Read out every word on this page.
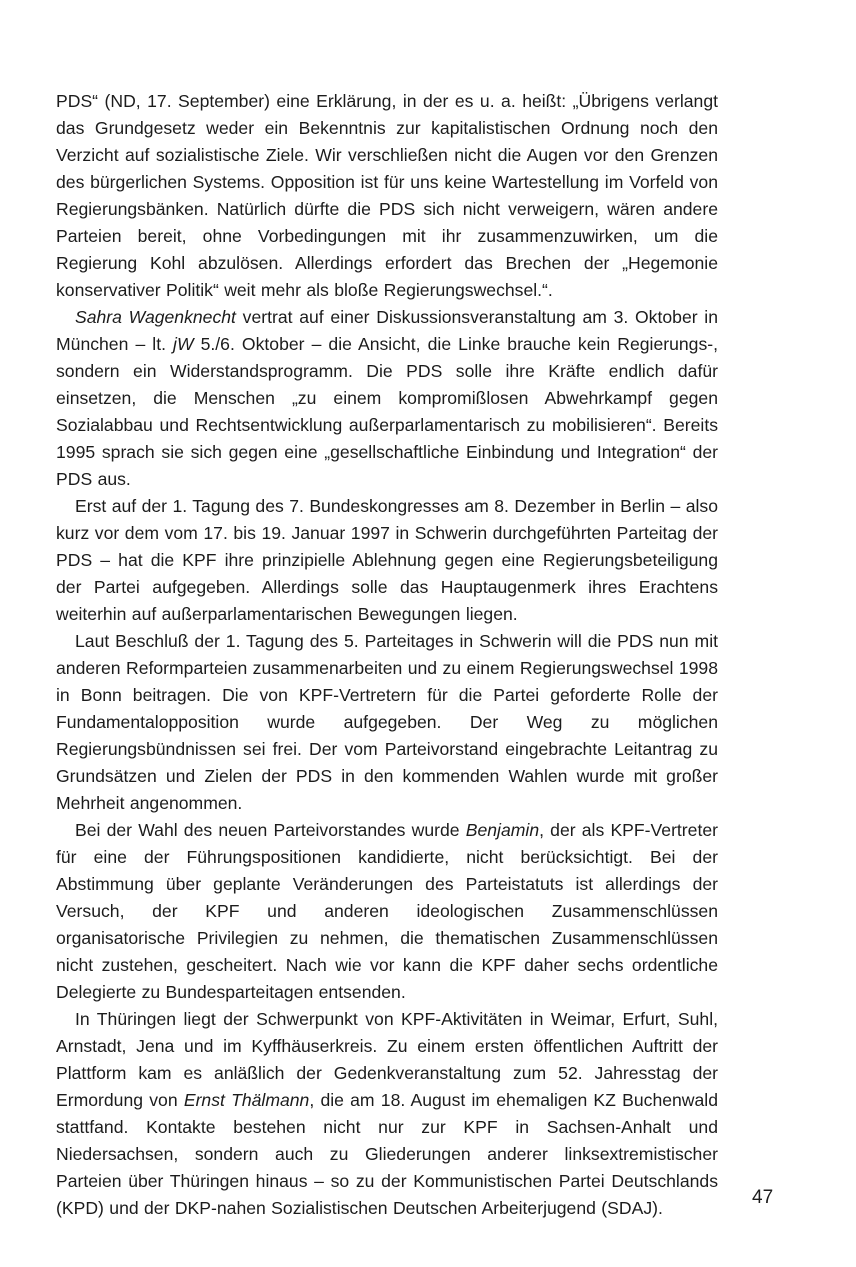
PDS“ (ND, 17. September) eine Erklärung, in der es u. a. heißt: „Übrigens verlangt das Grundgesetz weder ein Bekenntnis zur kapitalistischen Ordnung noch den Verzicht auf sozialistische Ziele. Wir verschließen nicht die Augen vor den Grenzen des bürgerlichen Systems. Opposition ist für uns keine Wartestellung im Vorfeld von Regierungsbänken. Natürlich dürfte die PDS sich nicht verweigern, wären andere Parteien bereit, ohne Vorbedingungen mit ihr zusammenzuwirken, um die Regierung Kohl abzulösen. Allerdings erfordert das Brechen der „Hegemonie konservativer Politik“ weit mehr als bloße Regierungswechsel.“.

Sahra Wagenknecht vertrat auf einer Diskussionsveranstaltung am 3. Oktober in München – lt. jW 5./6. Oktober – die Ansicht, die Linke brauche kein Regierungs-, sondern ein Widerstandsprogramm. Die PDS solle ihre Kräfte endlich dafür einsetzen, die Menschen „zu einem kompromißlosen Abwehrkampf gegen Sozialabbau und Rechtsentwicklung außerparlamentarisch zu mobilisieren“. Bereits 1995 sprach sie sich gegen eine „gesellschaftliche Einbindung und Integration“ der PDS aus.

Erst auf der 1. Tagung des 7. Bundeskongresses am 8. Dezember in Berlin – also kurz vor dem vom 17. bis 19. Januar 1997 in Schwerin durchgeführten Parteitag der PDS – hat die KPF ihre prinzipielle Ablehnung gegen eine Regierungsbeteiligung der Partei aufgegeben. Allerdings solle das Hauptaugenmerk ihres Erachtens weiterhin auf außerparlamentarischen Bewegungen liegen.

Laut Beschluß der 1. Tagung des 5. Parteitages in Schwerin will die PDS nun mit anderen Reformparteien zusammenarbeiten und zu einem Regierungswechsel 1998 in Bonn beitragen. Die von KPF-Vertretern für die Partei geforderte Rolle der Fundamentalopposition wurde aufgegeben. Der Weg zu möglichen Regierungsbündnissen sei frei. Der vom Parteivorstand eingebrachte Leitantrag zu Grundsätzen und Zielen der PDS in den kommenden Wahlen wurde mit großer Mehrheit angenommen.

Bei der Wahl des neuen Parteivorstandes wurde Benjamin, der als KPF-Vertreter für eine der Führungspositionen kandidierte, nicht berücksichtigt. Bei der Abstimmung über geplante Veränderungen des Parteistatuts ist allerdings der Versuch, der KPF und anderen ideologischen Zusammenschlüssen organisatorische Privilegien zu nehmen, die thematischen Zusammenschlüssen nicht zustehen, gescheitert. Nach wie vor kann die KPF daher sechs ordentliche Delegierte zu Bundesparteitagen entsenden.

In Thüringen liegt der Schwerpunkt von KPF-Aktivitäten in Weimar, Erfurt, Suhl, Arnstadt, Jena und im Kyffhäuserkreis. Zu einem ersten öffentlichen Auftritt der Plattform kam es anläßlich der Gedenkveranstaltung zum 52. Jahresstag der Ermordung von Ernst Thälmann, die am 18. August im ehemaligen KZ Buchenwald stattfand. Kontakte bestehen nicht nur zur KPF in Sachsen-Anhalt und Niedersachsen, sondern auch zu Gliederungen anderer linksextremistischer Parteien über Thüringen hinaus – so zu der Kommunistischen Partei Deutschlands (KPD) und der DKP-nahen Sozialistischen Deutschen Arbeiterjugend (SDAJ).	47
